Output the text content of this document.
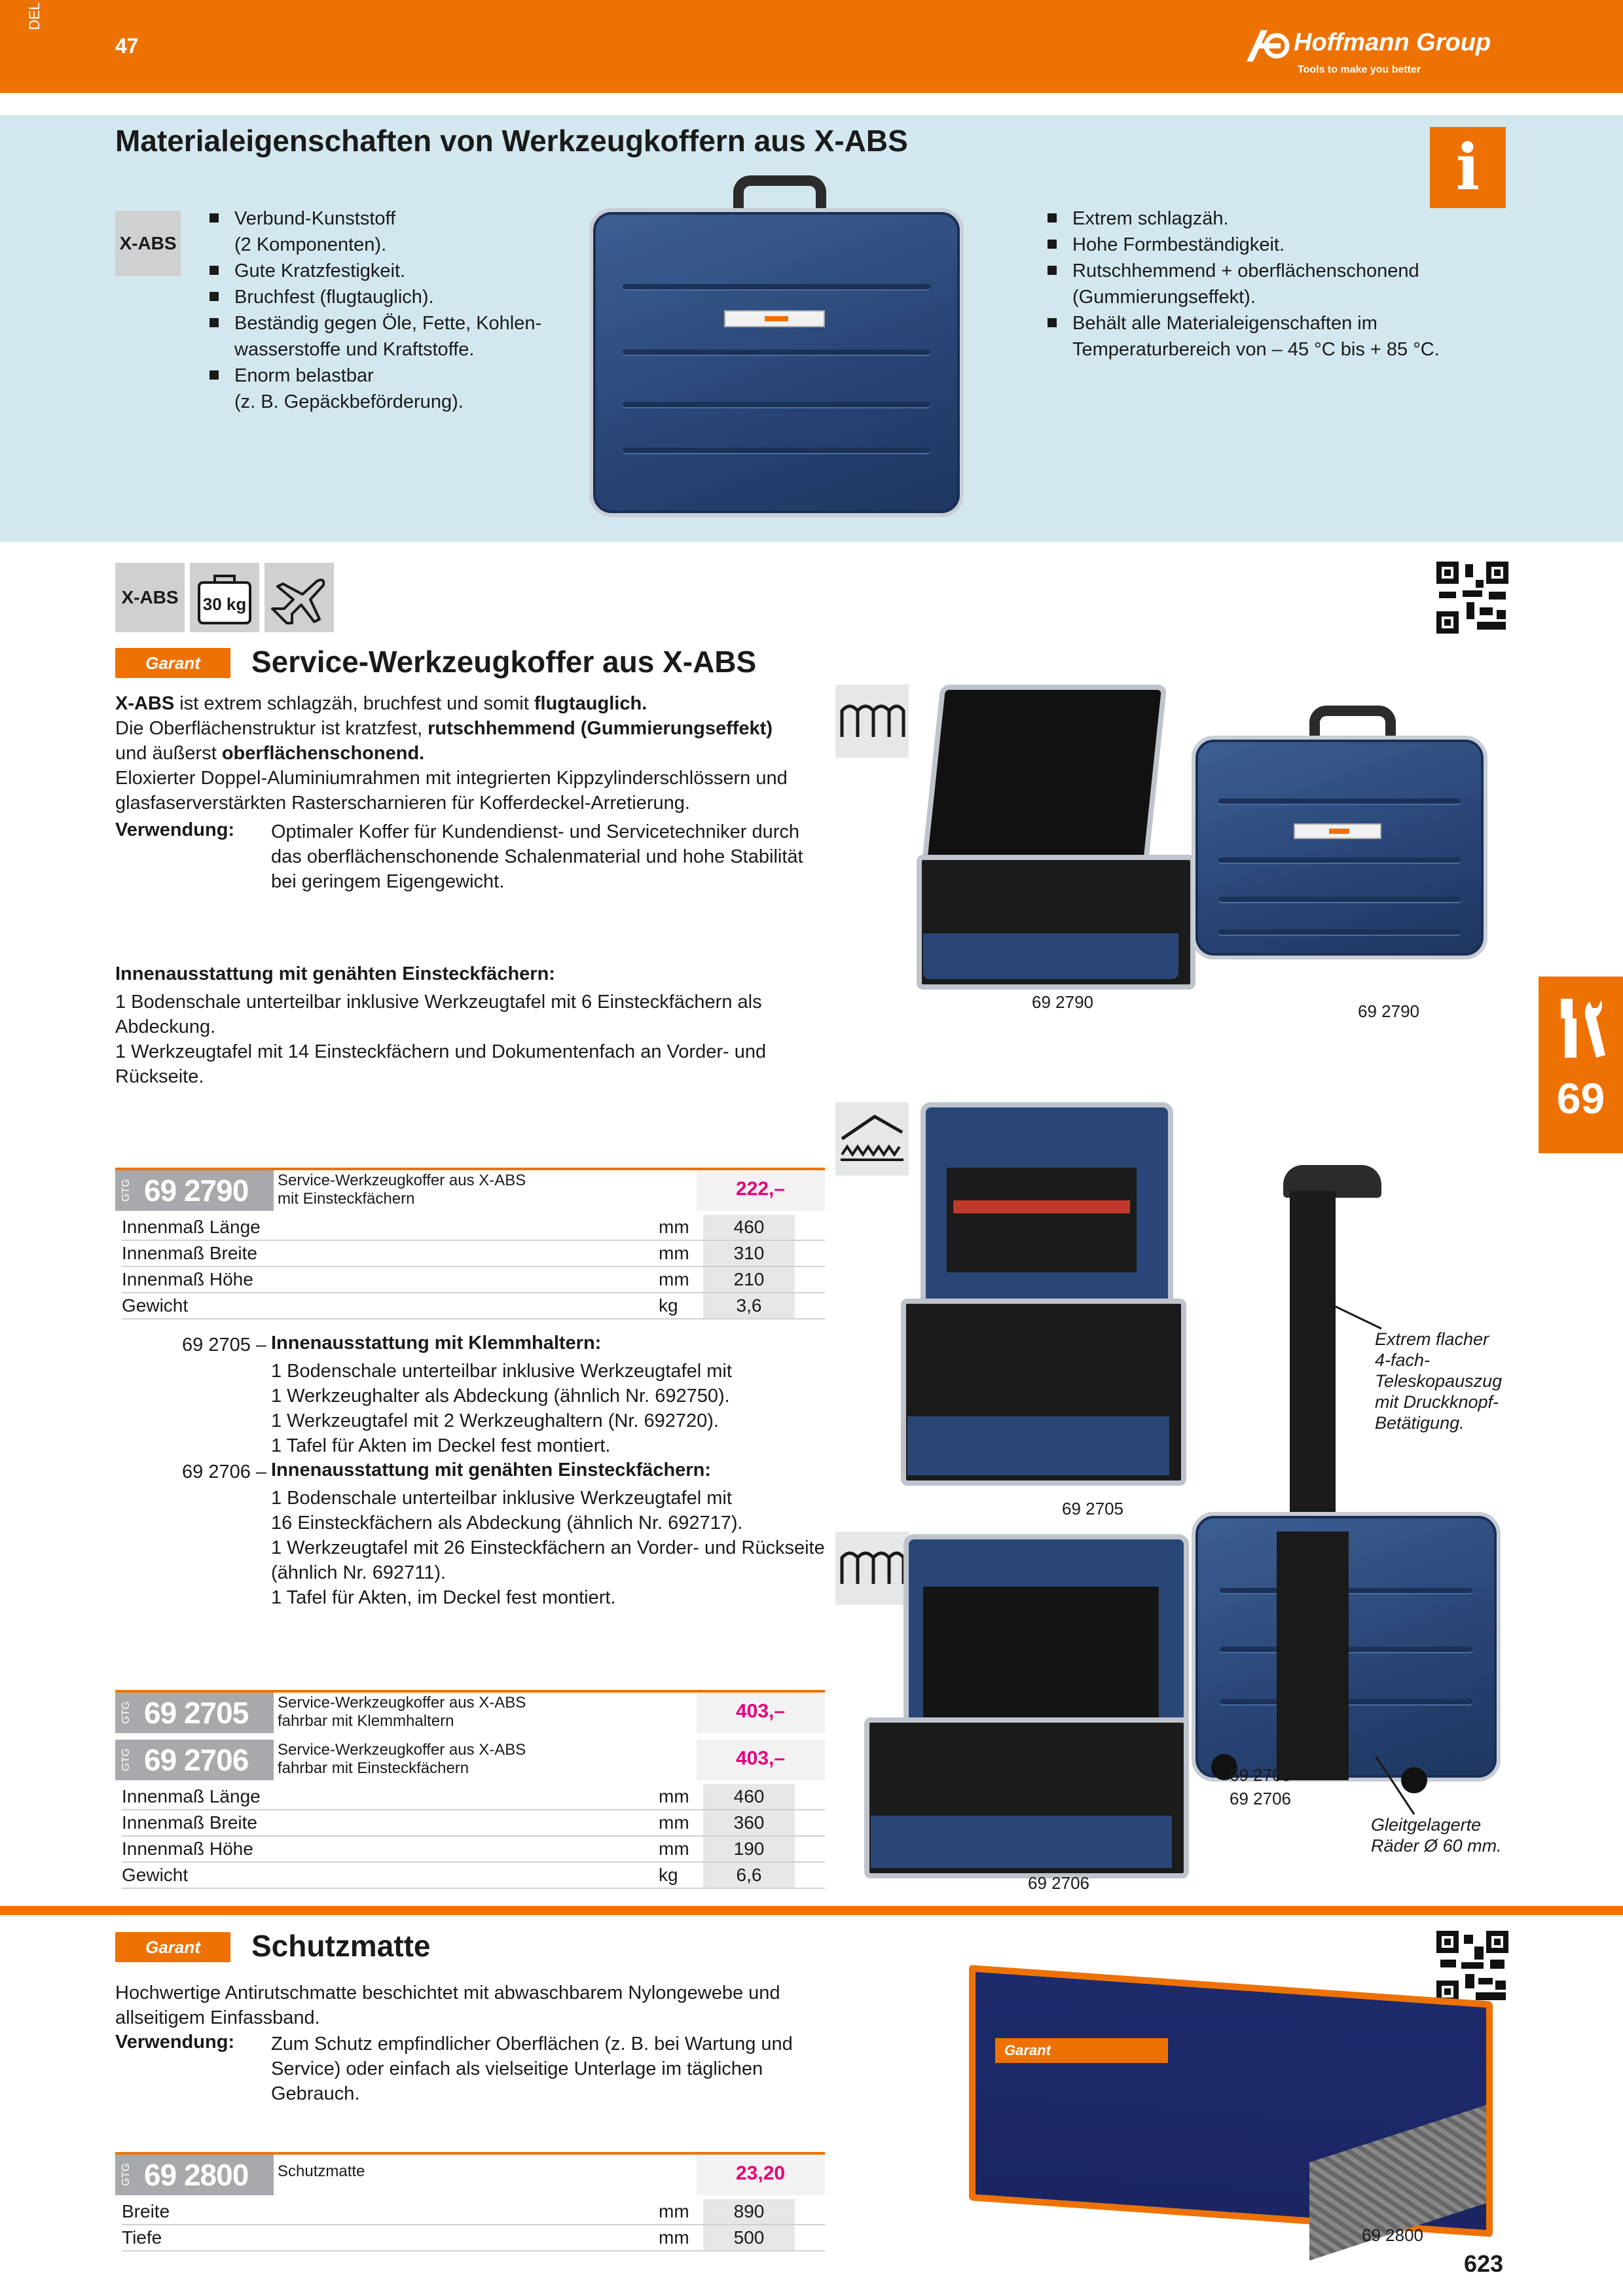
DEL
47	Hoffmann Group
Tools to make you better
Materialeigenschaften von Werkzeugkoffern aus X-ABS	i
X-ABS
Verbund-Kunststoff
(2 Komponenten).
Gute Kratzfestigkeit.
Bruchfest (flugtauglich).
Beständig gegen Öle, Fette, Kohlen-
wasserstoffe und Kraftstoffe.
Enorm belastbar
(z. B. Gepäckbeförderung).
Extrem schlagzäh.
Hohe Formbeständigkeit.
Rutschhemmend + oberflächenschonend
(Gummierungseffekt).
Behält alle Materialeigenschaften im
Temperaturbereich von – 45 °C bis + 85 °C.
X-ABS	30 kg
Garant	Service-Werkzeugkoffer aus X-ABS
X-ABS ist extrem schlagzäh, bruchfest und somit flugtauglich.
Die Oberflächenstruktur ist kratzfest, rutschhemmend (Gummierungseffekt)
und äußerst oberflächenschonend.
Eloxierter Doppel-Aluminiumrahmen mit integrierten Kippzylinderschlössern und glasfaserverstärkten Rasterscharnieren für Kofferdeckel-Arretierung.
Verwendung: Optimaler Koffer für Kundendienst- und Servicetechniker durch das oberflächenschonende Schalenmaterial und hohe Stabilität bei geringem Eigengewicht.
Innenausstattung mit genähten Einsteckfächern:
1 Bodenschale unterteilbar inklusive Werkzeugtafel mit 6 Einsteckfächern als Abdeckung.
1 Werkzeugtafel mit 14 Einsteckfächern und Dokumentenfach an Vorder- und Rückseite.
69 2790	69 2790
69
GTG 69 2790 Service-Werkzeugkoffer aus X-ABS
mit Einsteckfächern	222,–
Innenmaß Länge	mm	460
Innenmaß Breite	mm	310
Innenmaß Höhe	mm	210
Gewicht	kg	3,6
69 2705 – Innenausstattung mit Klemmhaltern:
1 Bodenschale unterteilbar inklusive Werkzeugtafel mit
1 Werkzeughalter als Abdeckung (ähnlich Nr. 692750).
1 Werkzeugtafel mit 2 Werkzeughaltern (Nr. 692720).
1 Tafel für Akten im Deckel fest montiert.
69 2706 – Innenausstattung mit genähten Einsteckfächern:
1 Bodenschale unterteilbar inklusive Werkzeugtafel mit
16 Einsteckfächern als Abdeckung (ähnlich Nr. 692717).
1 Werkzeugtafel mit 26 Einsteckfächern an Vorder- und Rückseite
(ähnlich Nr. 692711).
1 Tafel für Akten, im Deckel fest montiert.
69 2705
Extrem flacher
4-fach-
Teleskopauszug
mit Druckknopf-
Betätigung.
Gleitgelagerte
Räder Ø 60 mm.
69 2705
69 2706
69 2706
GTG 69 2705 Service-Werkzeugkoffer aus X-ABS
fahrbar mit Klemmhaltern	403,–
GTG 69 2706 Service-Werkzeugkoffer aus X-ABS
fahrbar mit Einsteckfächern	403,–
Innenmaß Länge	mm	460
Innenmaß Breite	mm	360
Innenmaß Höhe	mm	190
Gewicht	kg	6,6
Garant	Schutzmatte
Hochwertige Antirutschmatte beschichtet mit abwaschbarem Nylongewebe und allseitigem Einfassband.
Verwendung: Zum Schutz empfindlicher Oberflächen (z. B. bei Wartung und Service) oder einfach als vielseitige Unterlage im täglichen Gebrauch.
Garant	69 2800
69 2800
GTG 69 2800 Schutzmatte	23,20
Breite	mm	890
Tiefe	mm	500
623
